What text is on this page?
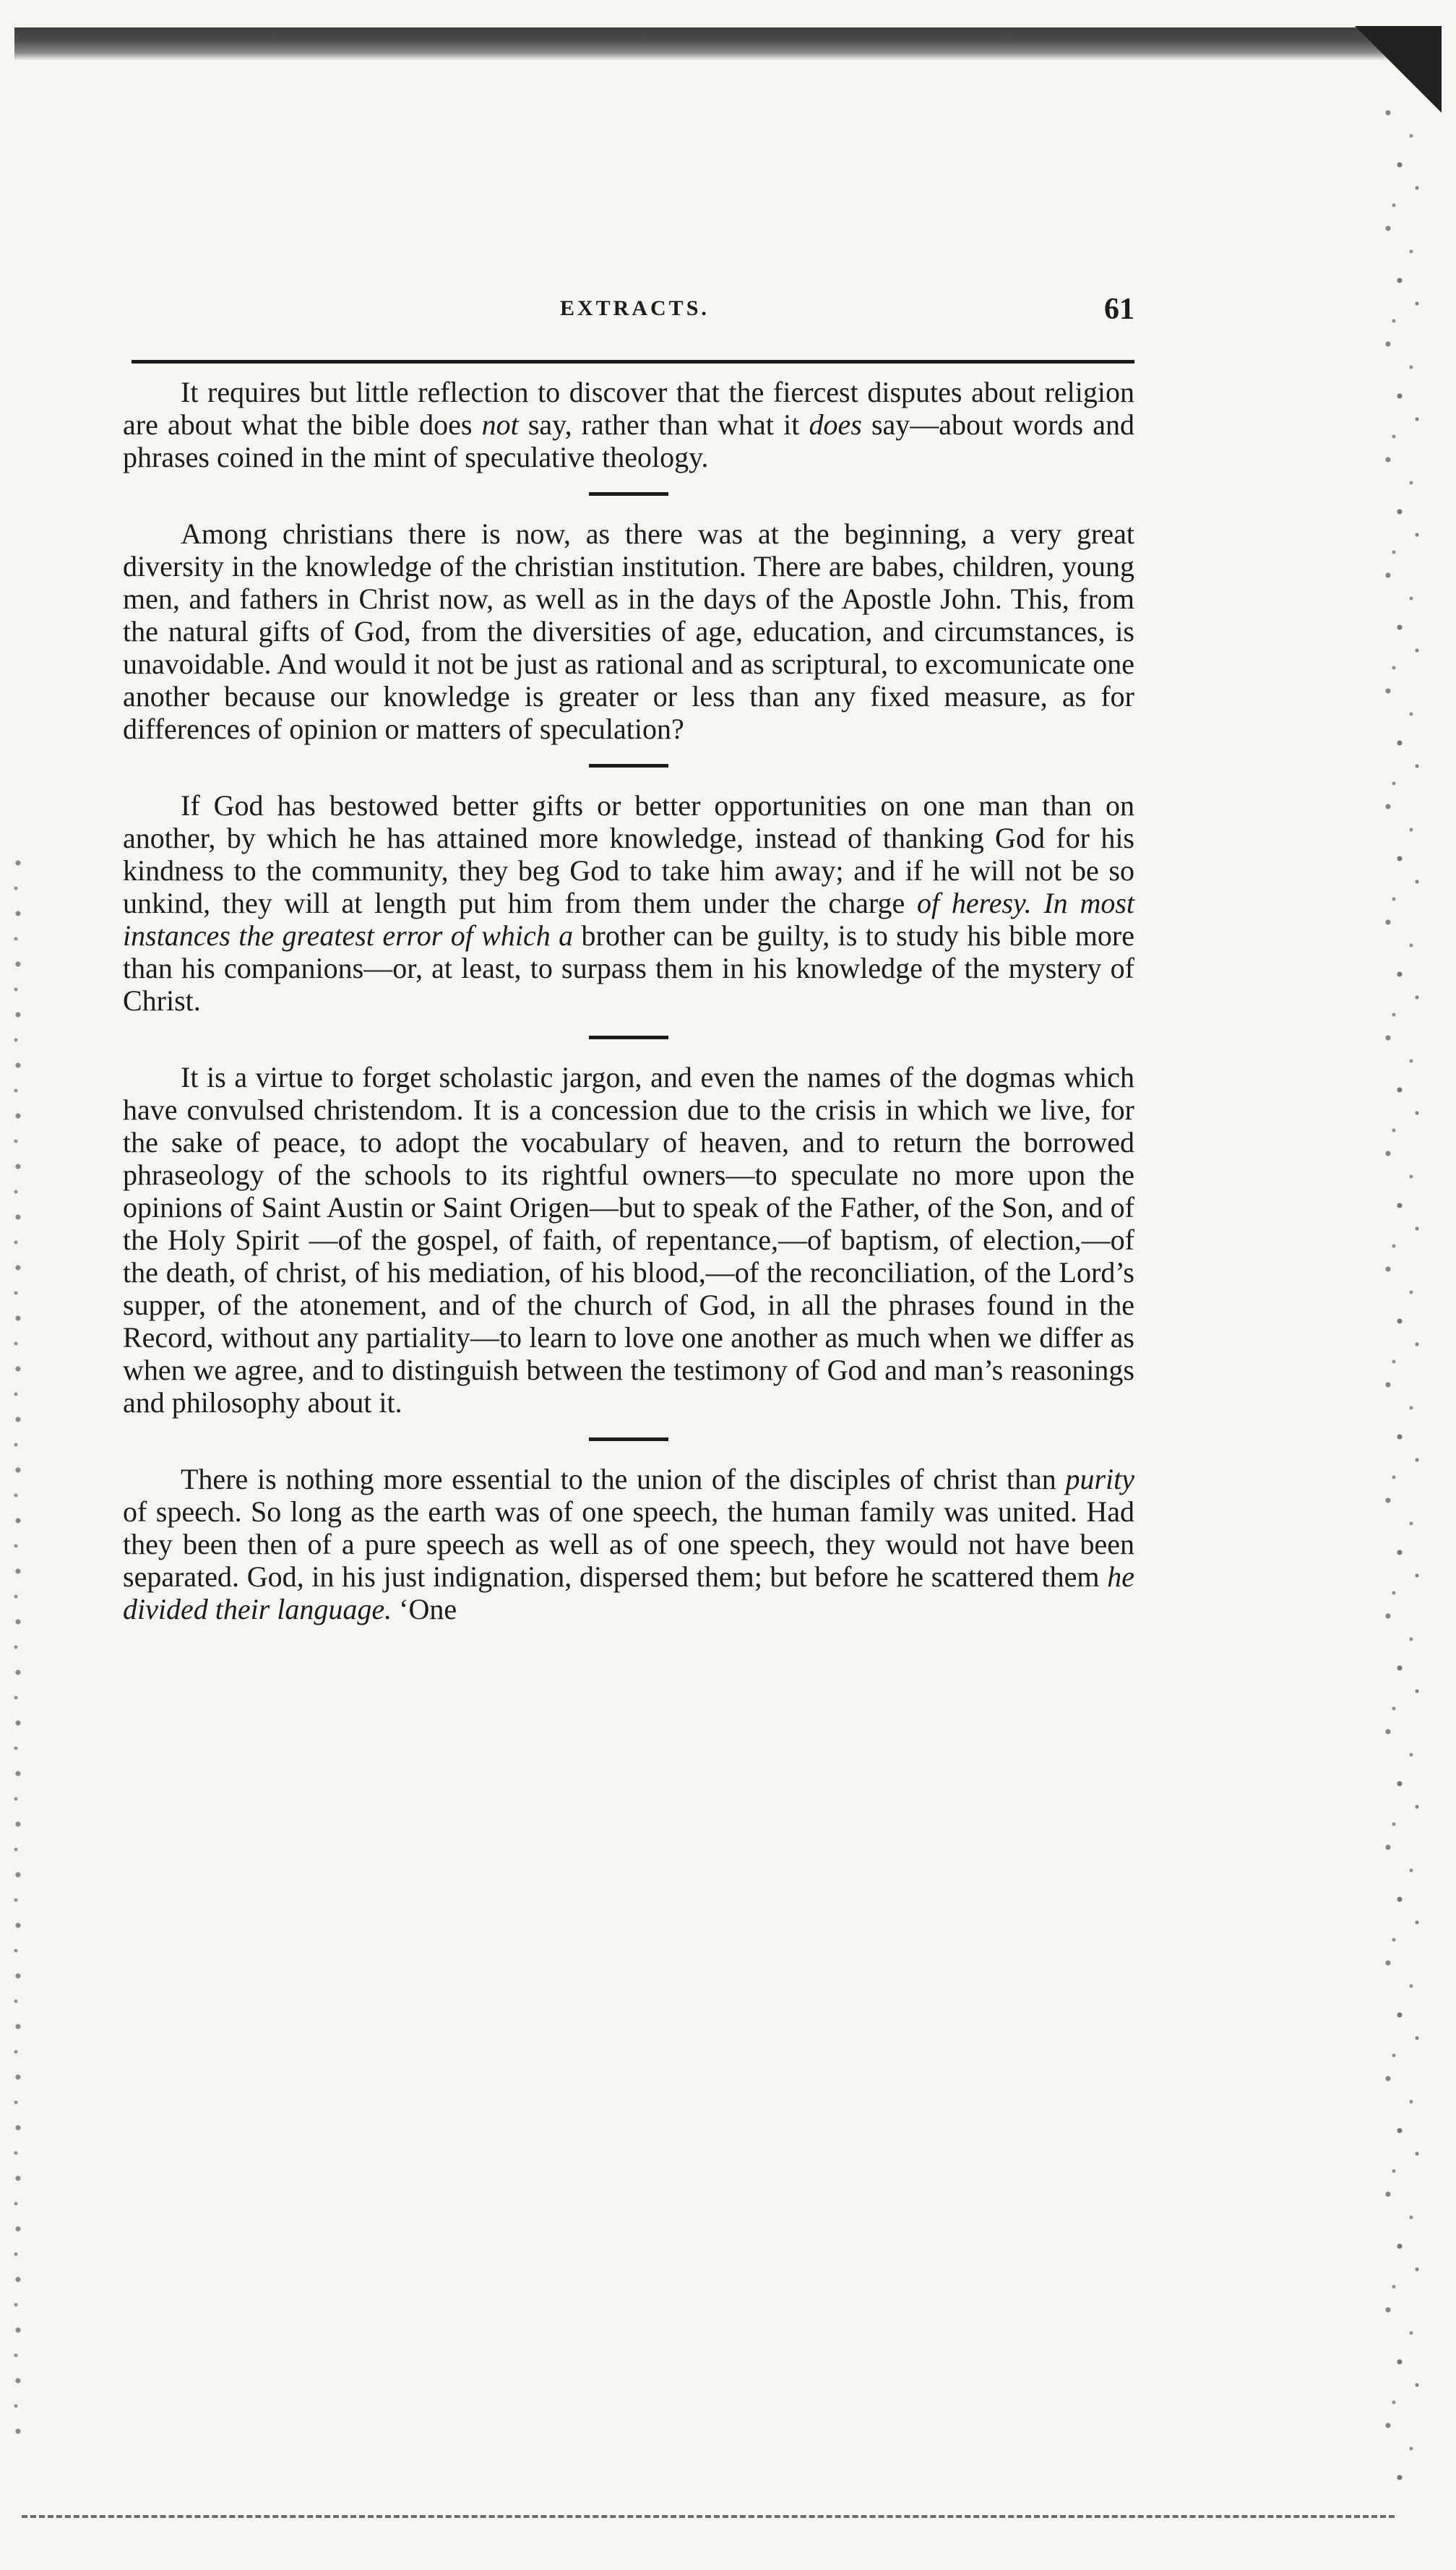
EXTRACTS.	61

It requires but little reflection to discover that the fiercest disputes about religion are about what the bible does not say, rather than what it does say—about words and phrases coined in the mint of speculative theology.

Among christians there is now, as there was at the beginning, a very great diversity in the knowledge of the christian institution. There are babes, children, young men, and fathers in Christ now, as well as in the days of the Apostle John. This, from the natural gifts of God, from the diversities of age, education, and circumstances, is unavoidable. And would it not be just as rational and as scriptural, to excomunicate one another because our knowledge is greater or less than any fixed measure, as for differences of opinion or matters of speculation?

If God has bestowed better gifts or better opportunities on one man than on another, by which he has attained more knowledge, instead of thanking God for his kindness to the community, they beg God to take him away; and if he will not be so unkind, they will at length put him from them under the charge of heresy. In most instances the greatest error of which a brother can be guilty, is to study his bible more than his companions—or, at least, to surpass them in his knowledge of the mystery of Christ.

It is a virtue to forget scholastic jargon, and even the names of the dogmas which have convulsed christendom. It is a concession due to the crisis in which we live, for the sake of peace, to adopt the vocabulary of heaven, and to return the borrowed phraseology of the schools to its rightful owners—to speculate no more upon the opinions of Saint Austin or Saint Origen—but to speak of the Father, of the Son, and of the Holy Spirit —of the gospel, of faith, of repentance,—of baptism, of election,—of the death, of christ, of his mediation, of his blood,—of the reconciliation, of the Lord’s supper, of the atonement, and of the church of God, in all the phrases found in the Record, without any partiality—to learn to love one another as much when we differ as when we agree, and to distinguish between the testimony of God and man’s reasonings and philosophy about it.

There is nothing more essential to the union of the disciples of christ than purity of speech. So long as the earth was of one speech, the human family was united. Had they been then of a pure speech as well as of one speech, they would not have been separated. God, in his just indignation, dispersed them; but before he scattered them he divided their language. ‘One
